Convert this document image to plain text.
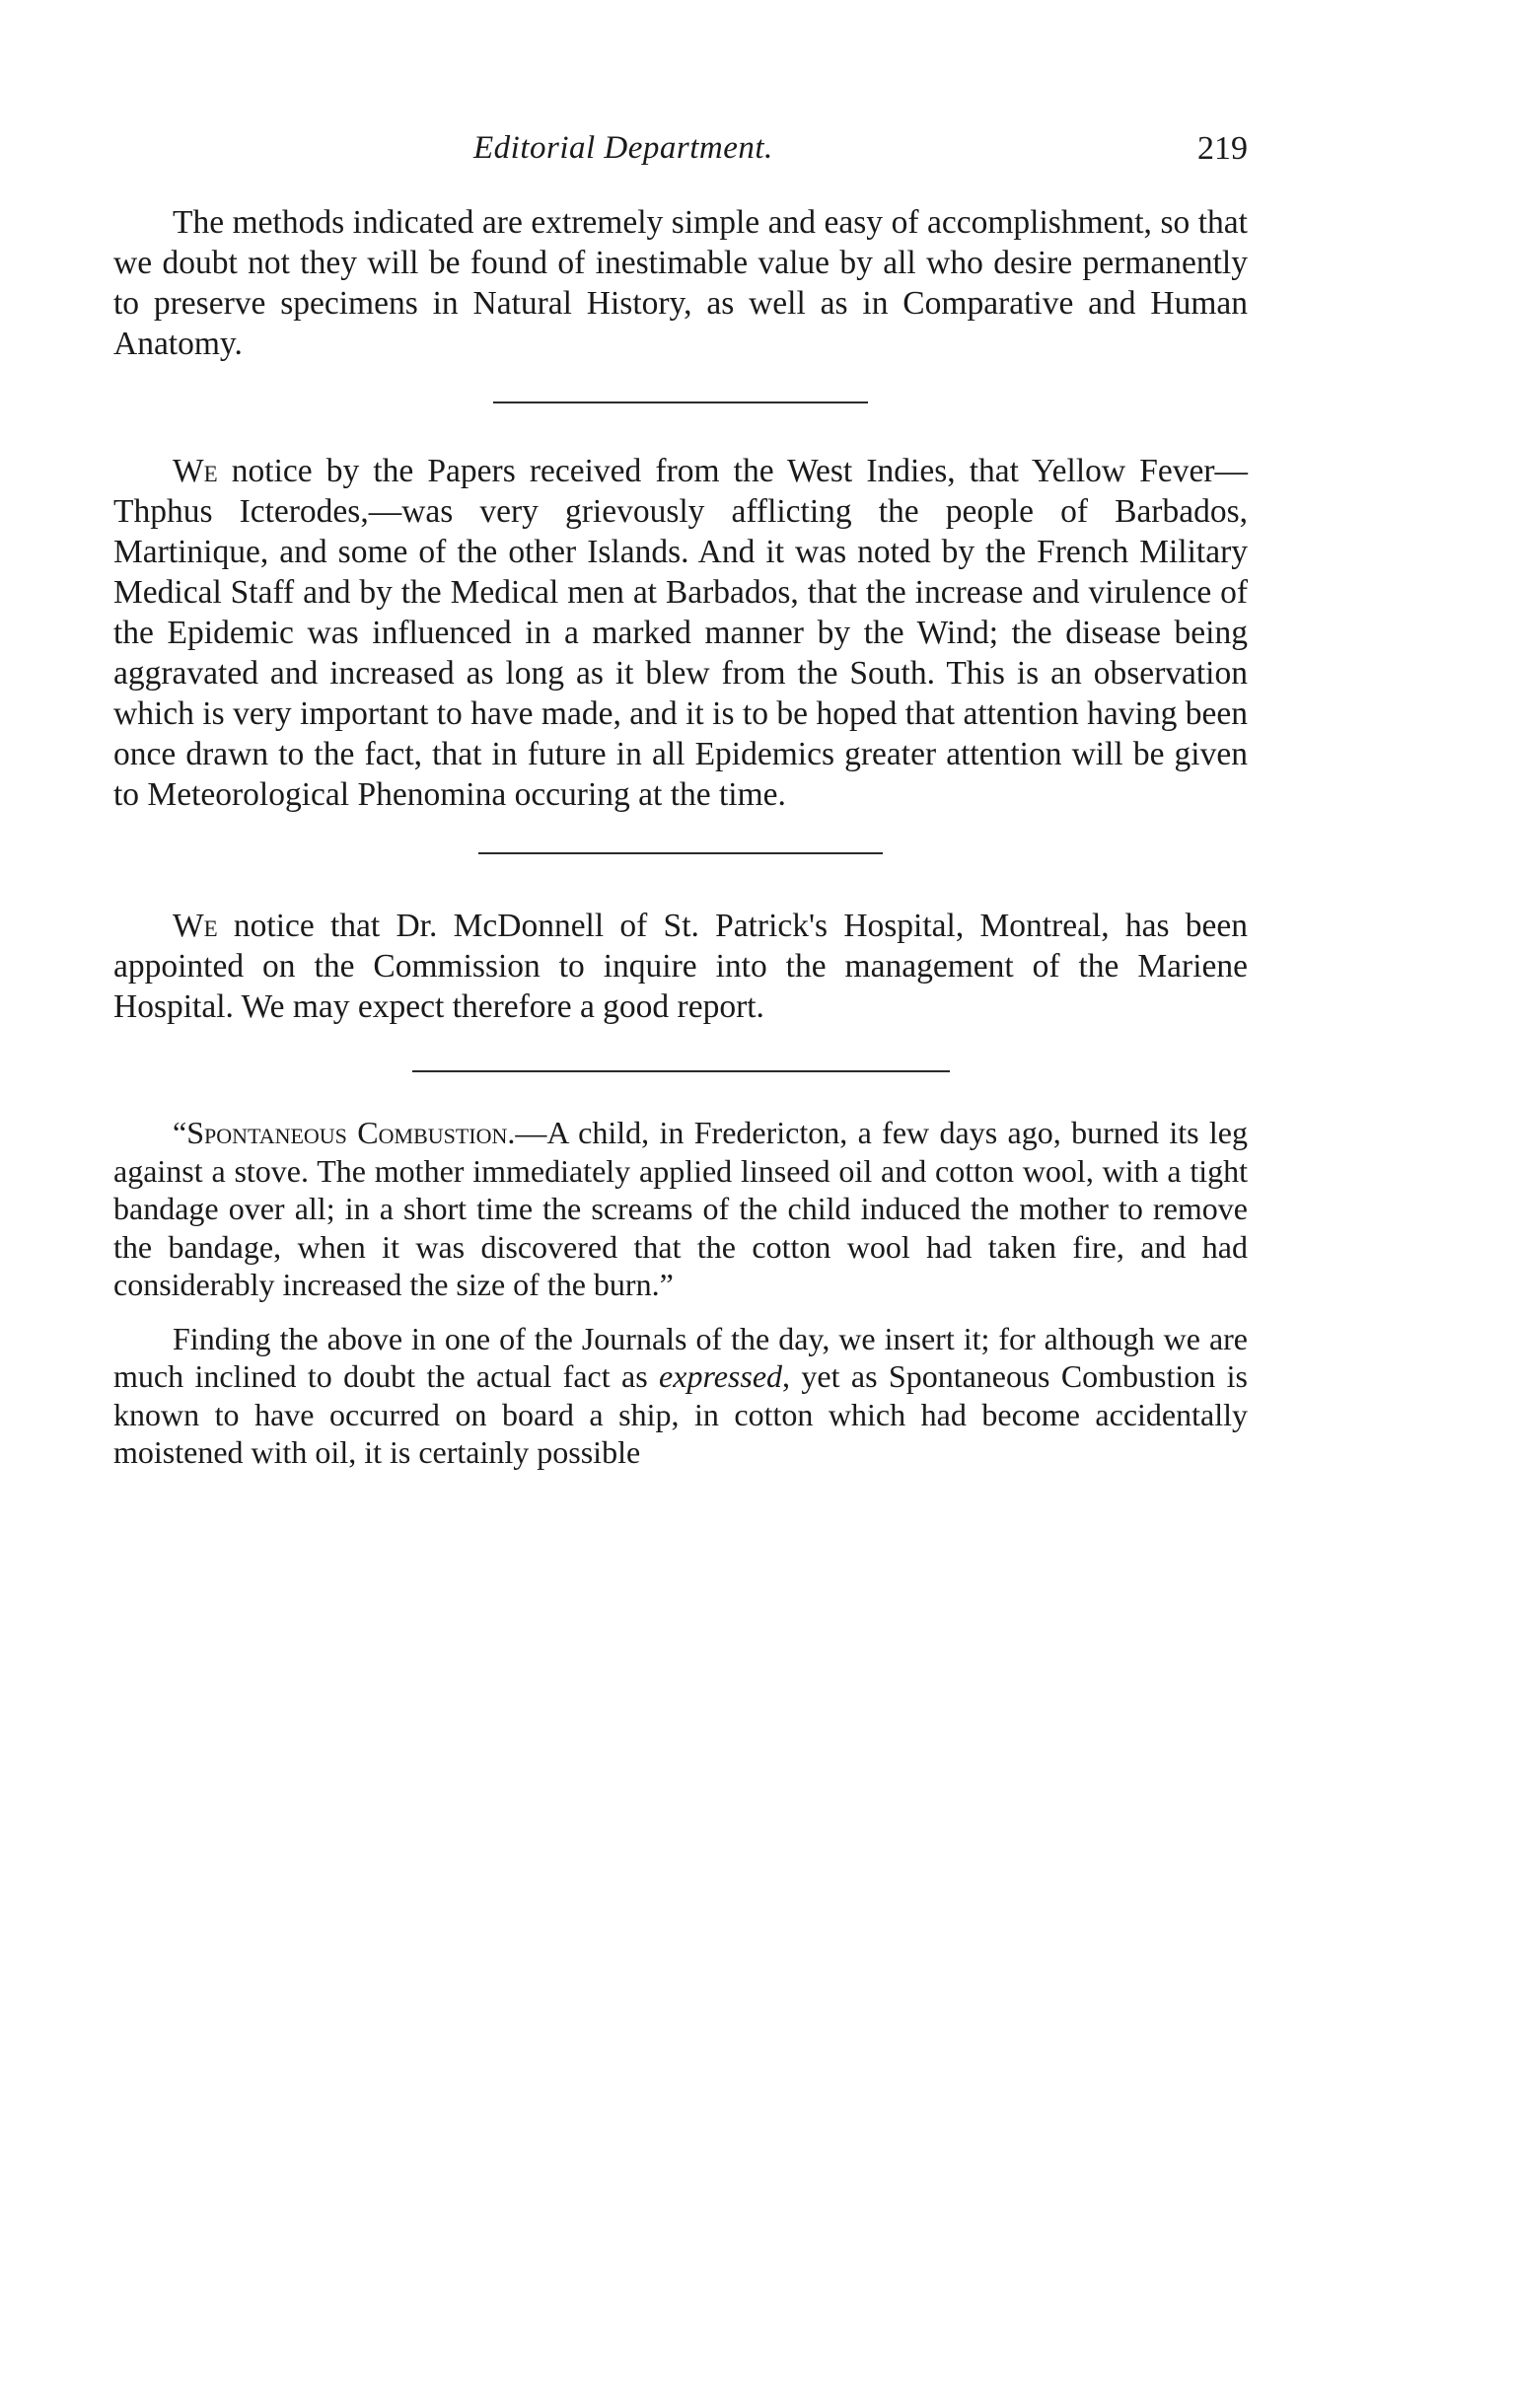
Editorial Department.	219

The methods indicated are extremely simple and easy of accomplishment, so that we doubt not they will be found of inestimable value by all who desire permanently to preserve specimens in Natural History, as well as in Comparative and Human Anatomy.

We notice by the Papers received from the West Indies, that Yellow Fever—Thphus Icterodes,—was very grievously afflicting the people of Barbados, Martinique, and some of the other Islands. And it was noted by the French Military Medical Staff and by the Medical men at Barbados, that the increase and virulence of the Epidemic was influenced in a marked manner by the Wind; the disease being aggravated and increased as long as it blew from the South. This is an observation which is very important to have made, and it is to be hoped that attention having been once drawn to the fact, that in future in all Epidemics greater attention will be given to Meteorological Phenomina occuring at the time.

We notice that Dr. McDonnell of St. Patrick's Hospital, Montreal, has been appointed on the Commission to inquire into the management of the Mariene Hospital. We may expect therefore a good report.

“Spontaneous Combustion.—A child, in Fredericton, a few days ago, burned its leg against a stove. The mother immediately applied linseed oil and cotton wool, with a tight bandage over all; in a short time the screams of the child induced the mother to remove the bandage, when it was discovered that the cotton wool had taken fire, and had considerably increased the size of the burn.”

Finding the above in one of the Journals of the day, we insert it; for although we are much inclined to doubt the actual fact as expressed, yet as Spontaneous Combustion is known to have occurred on board a ship, in cotton which had become accidentally moistened with oil, it is certainly possible
